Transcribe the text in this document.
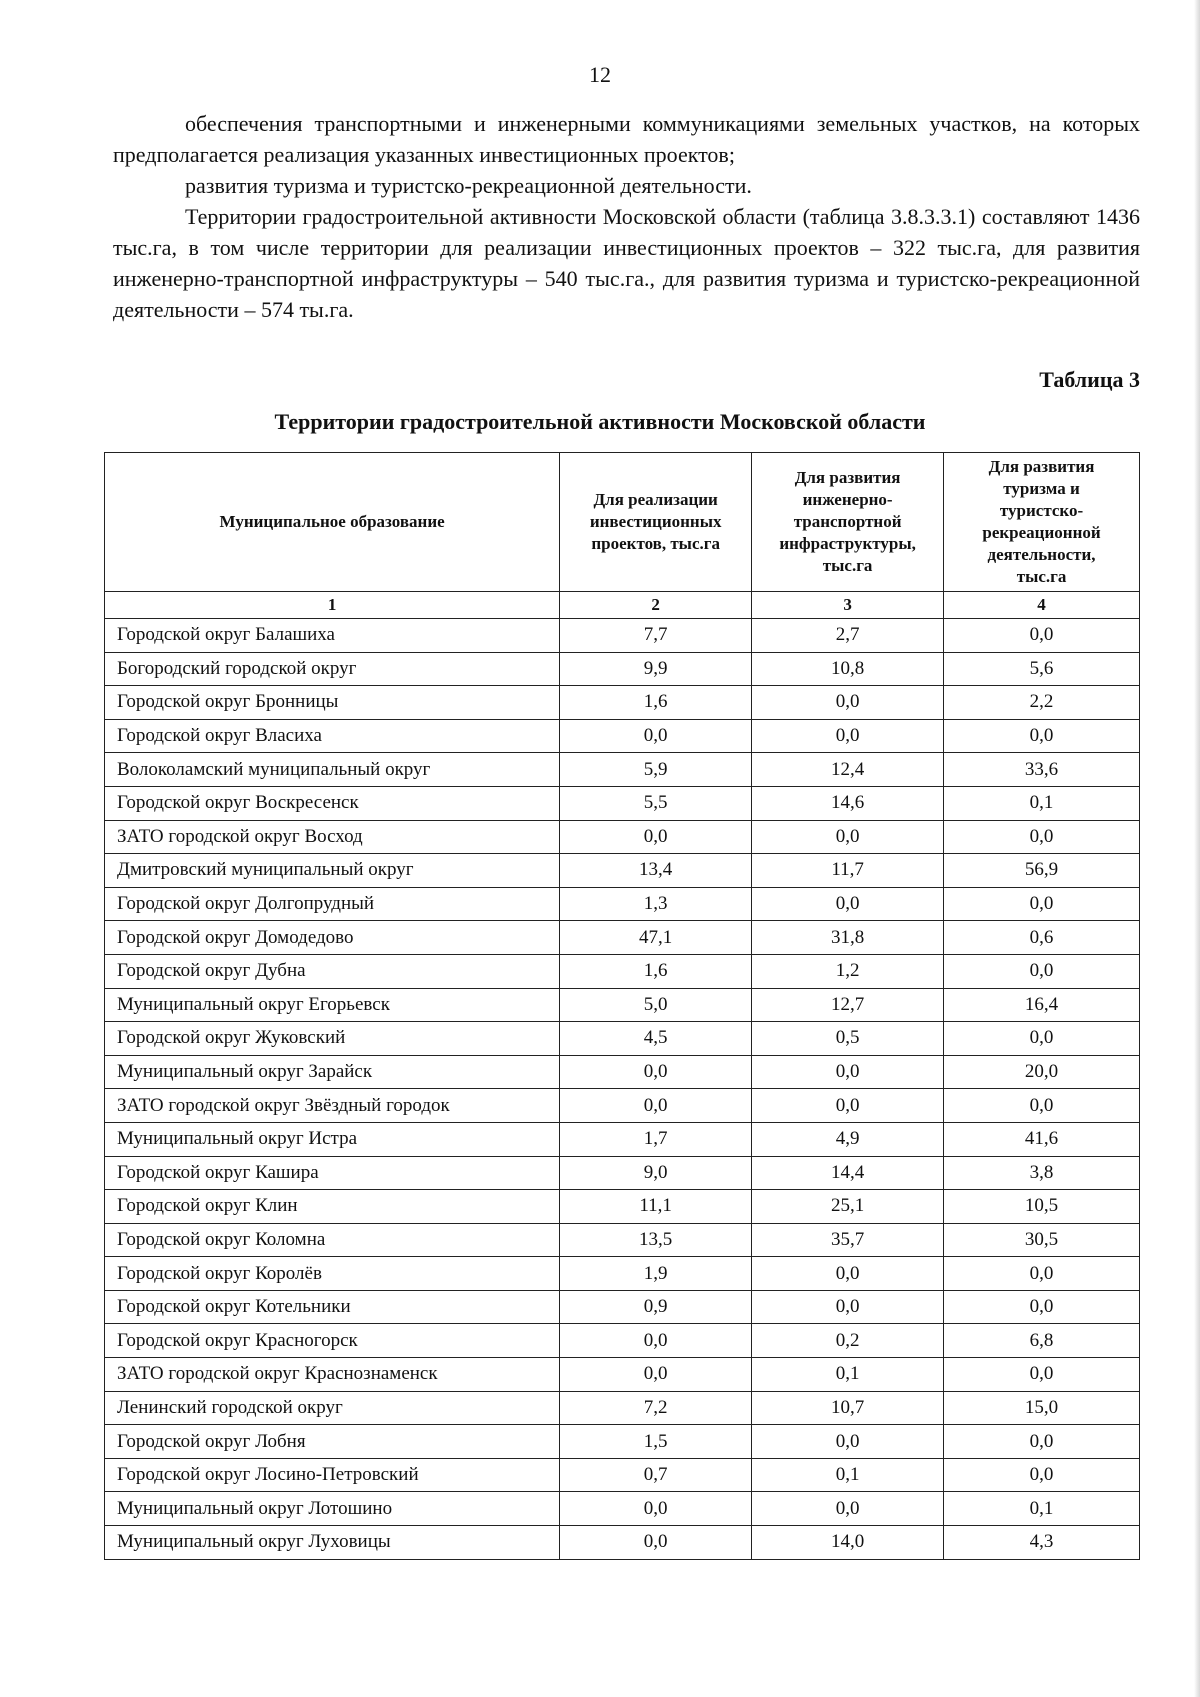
12

обеспечения транспортными и инженерными коммуникациями земельных участков, на которых предполагается реализация указанных инвестиционных проектов;

развития туризма и туристско-рекреационной деятельности.

Территории градостроительной активности Московской области (таблица 3.8.3.3.1) составляют 1436 тыс.га, в том числе территории для реализации инвестиционных проектов – 322 тыс.га, для развития инженерно-транспортной инфраструктуры – 540 тыс.га., для развития туризма и туристско-рекреационной деятельности – 574 ты.га.

Таблица 3
Территории градостроительной активности Московской области
Муниципальное образование	Для реализации инвестиционных проектов, тыс.га	Для развития инженерно-транспортной инфраструктуры, тыс.га	Для развития туризма и туристско-рекреационной деятельности, тыс.га
1	2	3	4
Городской округ Балашиха	7,7	2,7	0,0
Богородский городской округ	9,9	10,8	5,6
Городской округ Бронницы	1,6	0,0	2,2
Городской округ Власиха	0,0	0,0	0,0
Волоколамский муниципальный округ	5,9	12,4	33,6
Городской округ Воскресенск	5,5	14,6	0,1
ЗАТО городской округ Восход	0,0	0,0	0,0
Дмитровский муниципальный округ	13,4	11,7	56,9
Городской округ Долгопрудный	1,3	0,0	0,0
Городской округ Домодедово	47,1	31,8	0,6
Городской округ Дубна	1,6	1,2	0,0
Муниципальный округ Егорьевск	5,0	12,7	16,4
Городской округ Жуковский	4,5	0,5	0,0
Муниципальный округ Зарайск	0,0	0,0	20,0
ЗАТО городской округ Звёздный городок	0,0	0,0	0,0
Муниципальный округ Истра	1,7	4,9	41,6
Городской округ Кашира	9,0	14,4	3,8
Городской округ Клин	11,1	25,1	10,5
Городской округ Коломна	13,5	35,7	30,5
Городской округ Королёв	1,9	0,0	0,0
Городской округ Котельники	0,9	0,0	0,0
Городской округ Красногорск	0,0	0,2	6,8
ЗАТО городской округ Краснознаменск	0,0	0,1	0,0
Ленинский городской округ	7,2	10,7	15,0
Городской округ Лобня	1,5	0,0	0,0
Городской округ Лосино-Петровский	0,7	0,1	0,0
Муниципальный округ Лотошино	0,0	0,0	0,1
Муниципальный округ Луховицы	0,0	14,0	4,3
